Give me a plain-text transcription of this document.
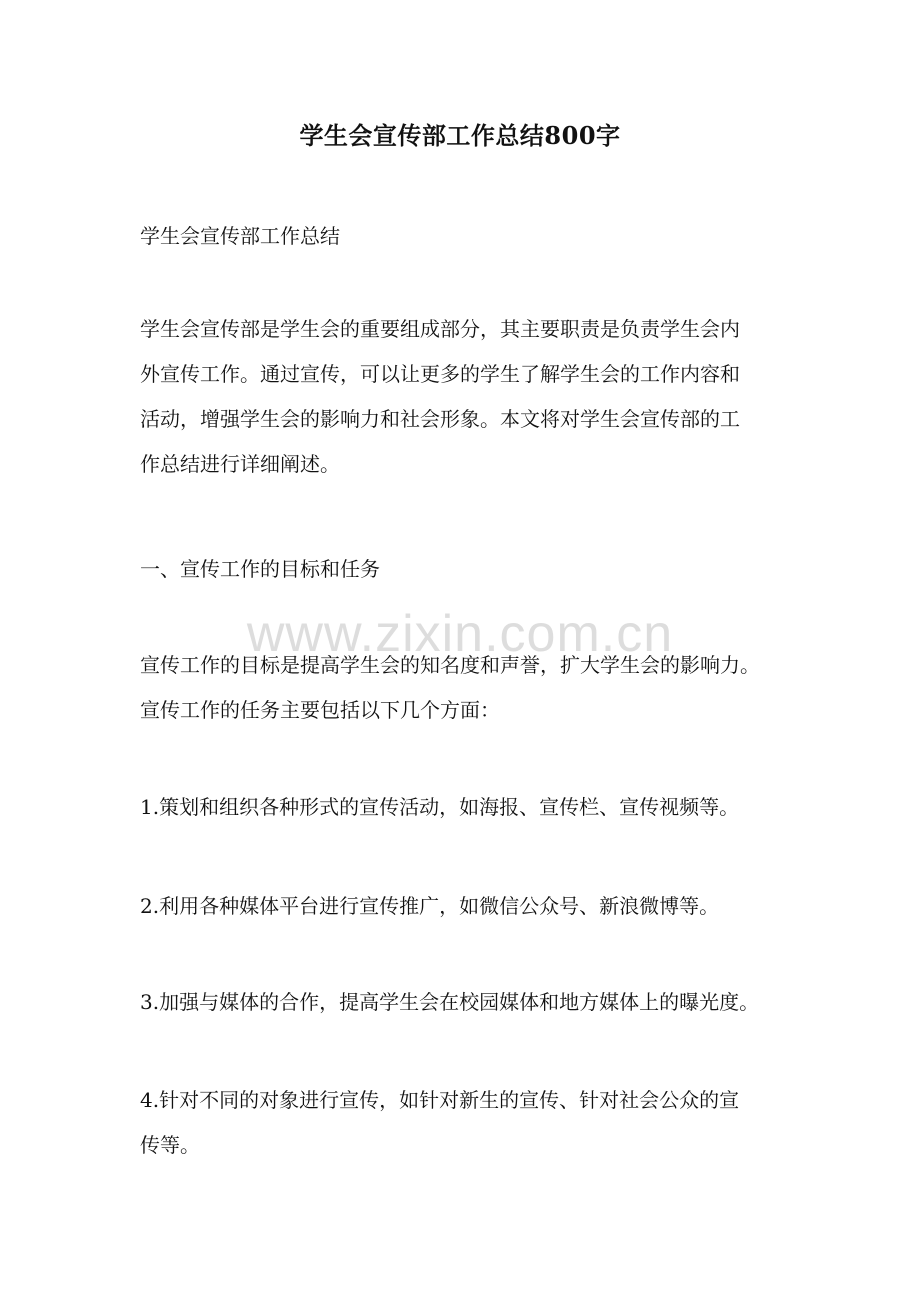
学生会宣传部工作总结800字

学生会宣传部工作总结

学生会宣传部是学生会的重要组成部分，其主要职责是负责学生会内
外宣传工作。通过宣传，可以让更多的学生了解学生会的工作内容和
活动，增强学生会的影响力和社会形象。本文将对学生会宣传部的工
作总结进行详细阐述。

一、宣传工作的目标和任务

宣传工作的目标是提高学生会的知名度和声誉，扩大学生会的影响力。
宣传工作的任务主要包括以下几个方面：

1.策划和组织各种形式的宣传活动，如海报、宣传栏、宣传视频等。

2.利用各种媒体平台进行宣传推广，如微信公众号、新浪微博等。

3.加强与媒体的合作，提高学生会在校园媒体和地方媒体上的曝光度。

4.针对不同的对象进行宣传，如针对新生的宣传、针对社会公众的宣
传等。

www.zixin.com.cn
